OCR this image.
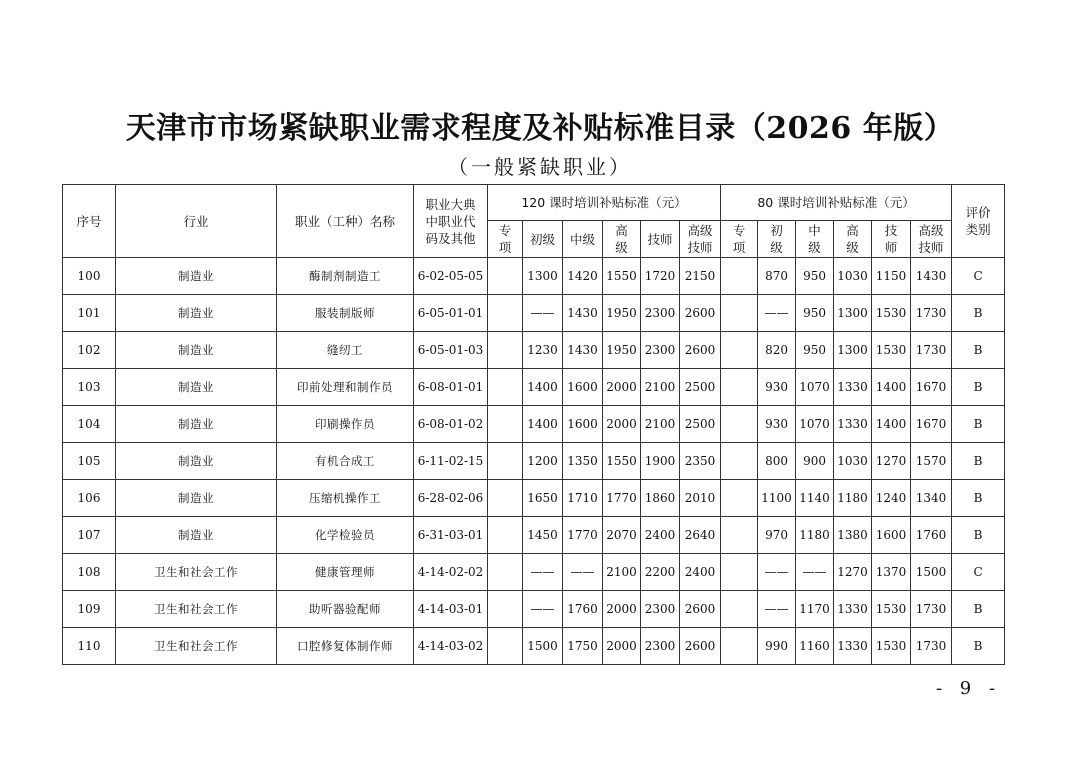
天津市市场紧缺职业需求程度及补贴标准目录（2026 年版）
（一般紧缺职业）
序号	行业	职业（工种）名称	职业大典中职业代码及其他	120 课时培训补贴标准（元）						80 课时培训补贴标准（元）						评价类别
				专项	初级	中级	高级	技师	高级技师	专项	初级	中级	高级	技师	高级技师	
100	制造业	酶制剂制造工	6-02-05-05		1300	1420	1550	1720	2150		870	950	1030	1150	1430	C
101	制造业	服装制版师	6-05-01-01		——	1430	1950	2300	2600		——	950	1300	1530	1730	B
102	制造业	缝纫工	6-05-01-03		1230	1430	1950	2300	2600		820	950	1300	1530	1730	B
103	制造业	印前处理和制作员	6-08-01-01		1400	1600	2000	2100	2500		930	1070	1330	1400	1670	B
104	制造业	印刷操作员	6-08-01-02		1400	1600	2000	2100	2500		930	1070	1330	1400	1670	B
105	制造业	有机合成工	6-11-02-15		1200	1350	1550	1900	2350		800	900	1030	1270	1570	B
106	制造业	压缩机操作工	6-28-02-06		1650	1710	1770	1860	2010		1100	1140	1180	1240	1340	B
107	制造业	化学检验员	6-31-03-01		1450	1770	2070	2400	2640		970	1180	1380	1600	1760	B
108	卫生和社会工作	健康管理师	4-14-02-02		——	——	2100	2200	2400		——	——	1270	1370	1500	C
109	卫生和社会工作	助听器验配师	4-14-03-01		——	1760	2000	2300	2600		——	1170	1330	1530	1730	B
110	卫生和社会工作	口腔修复体制作师	4-14-03-02		1500	1750	2000	2300	2600		990	1160	1330	1530	1730	B
- 9 -
